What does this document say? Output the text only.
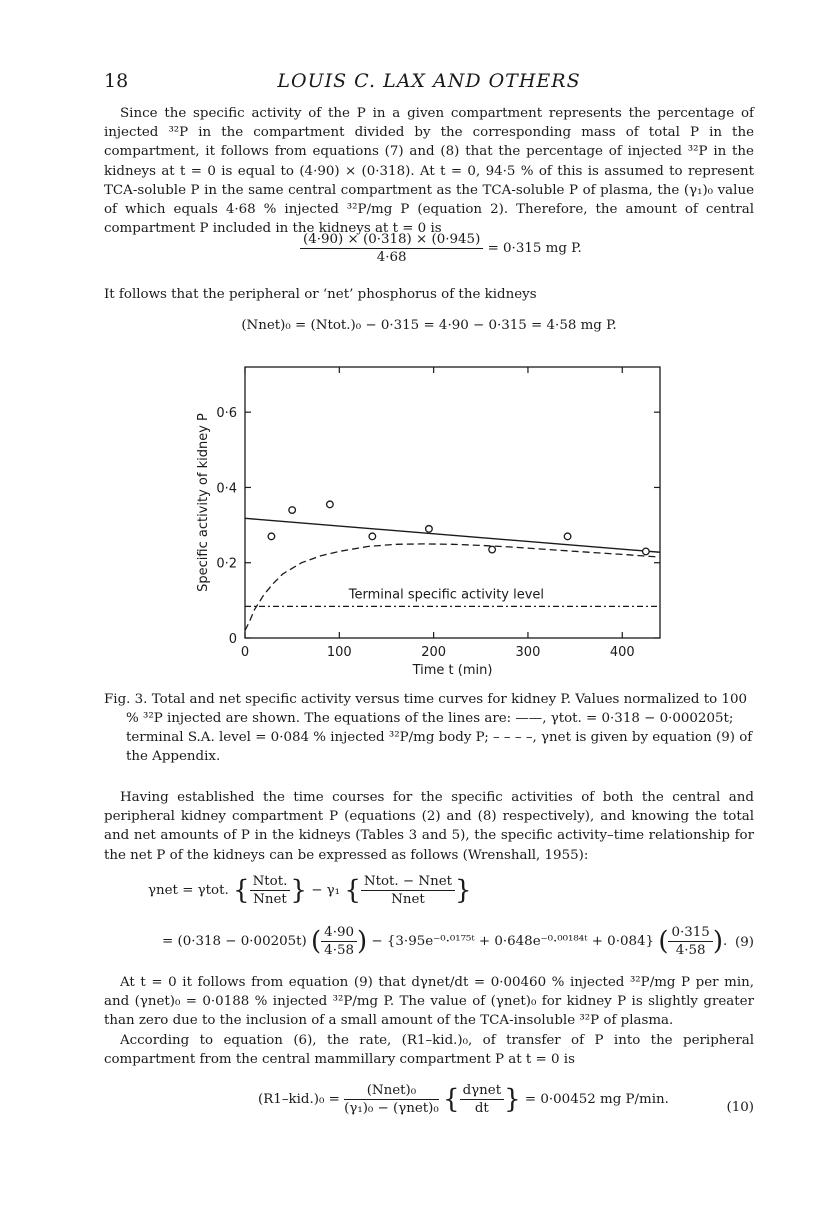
18	LOUIS C. LAX AND OTHERS
Since the specific activity of the P in a given compartment represents the percentage of injected ³²P in the compartment divided by the corresponding mass of total P in the compartment, it follows from equations (7) and (8) that the percentage of injected ³²P in the kidneys at t = 0 is equal to (4·90) × (0·318). At t = 0, 94·5 % of this is assumed to represent TCA-soluble P in the same central compartment as the TCA-soluble P of plasma, the (γ₁)₀ value of which equals 4·68 % injected ³²P/mg P (equation 2). Therefore, the amount of central compartment P included in the kidneys at t = 0 is
$\frac{(4\cdot 90) \times (0\cdot 318) \times (0\cdot 945)}{4\cdot 68} = 0\cdot 315$ mg P.
It follows that the peripheral or ‘net’ phosphorus of the kidneys
(Nnet)₀ = (Ntot.)₀ − 0·315 = 4·90 − 0·315 = 4·58 mg P.
0	100	200	300	400
0
0·2
0·4
0·6
Time t (min)
Specific activity of kidney P
Terminal specific activity level
Fig. 3. Total and net specific activity versus time curves for kidney P. Values normalized to 100 % ³²P injected are shown. The equations of the lines are: ——, γtot. = 0·318 − 0·000205t; terminal S.A. level = 0·084 % injected ³²P/mg body P; – – – –, γnet is given by equation (9) of the Appendix.
Having established the time courses for the specific activities of both the central and peripheral kidney compartment P (equations (2) and (8) respectively), and knowing the total and net amounts of P in the kidneys (Tables 3 and 5), the specific activity–time relationship for the net P of the kidneys can be expressed as follows (Wrenshall, 1955):
γnet = γtot. { $\frac{\text{Ntot.}}{\text{Nnet}}$ } − γ₁ { $\frac{\text{Ntot. − Nnet}}{\text{Nnet}}$ }
= (0·318 − 0·00205t) ( $\frac{4\cdot 90}{4\cdot 58}$ ) − {3·95e⁻⁰·⁰¹⁷⁵ᵗ + 0·648e⁻⁰·⁰⁰¹⁸⁴ᵗ + 0·084} ( $\frac{0\cdot 315}{4\cdot 58}$ ). (9)
At t = 0 it follows from equation (9) that dγnet/dt = 0·00460 % injected ³²P/mg P per min, and (γnet)₀ = 0·0188 % injected ³²P/mg P. The value of (γnet)₀ for kidney P is slightly greater than zero due to the inclusion of a small amount of the TCA-insoluble ³²P of plasma.
According to equation (6), the rate, (R1–kid.)₀, of transfer of P into the peripheral compartment from the central mammillary compartment P at t = 0 is
$(R1-kid.)_0 = \frac{\text{(Nnet)₀}}{\text{(γ₁)₀ − (γnet)₀}}$ { $\frac{\text{dγnet}}{dt}$ } = 0·00452 mg P/min.
(10)
